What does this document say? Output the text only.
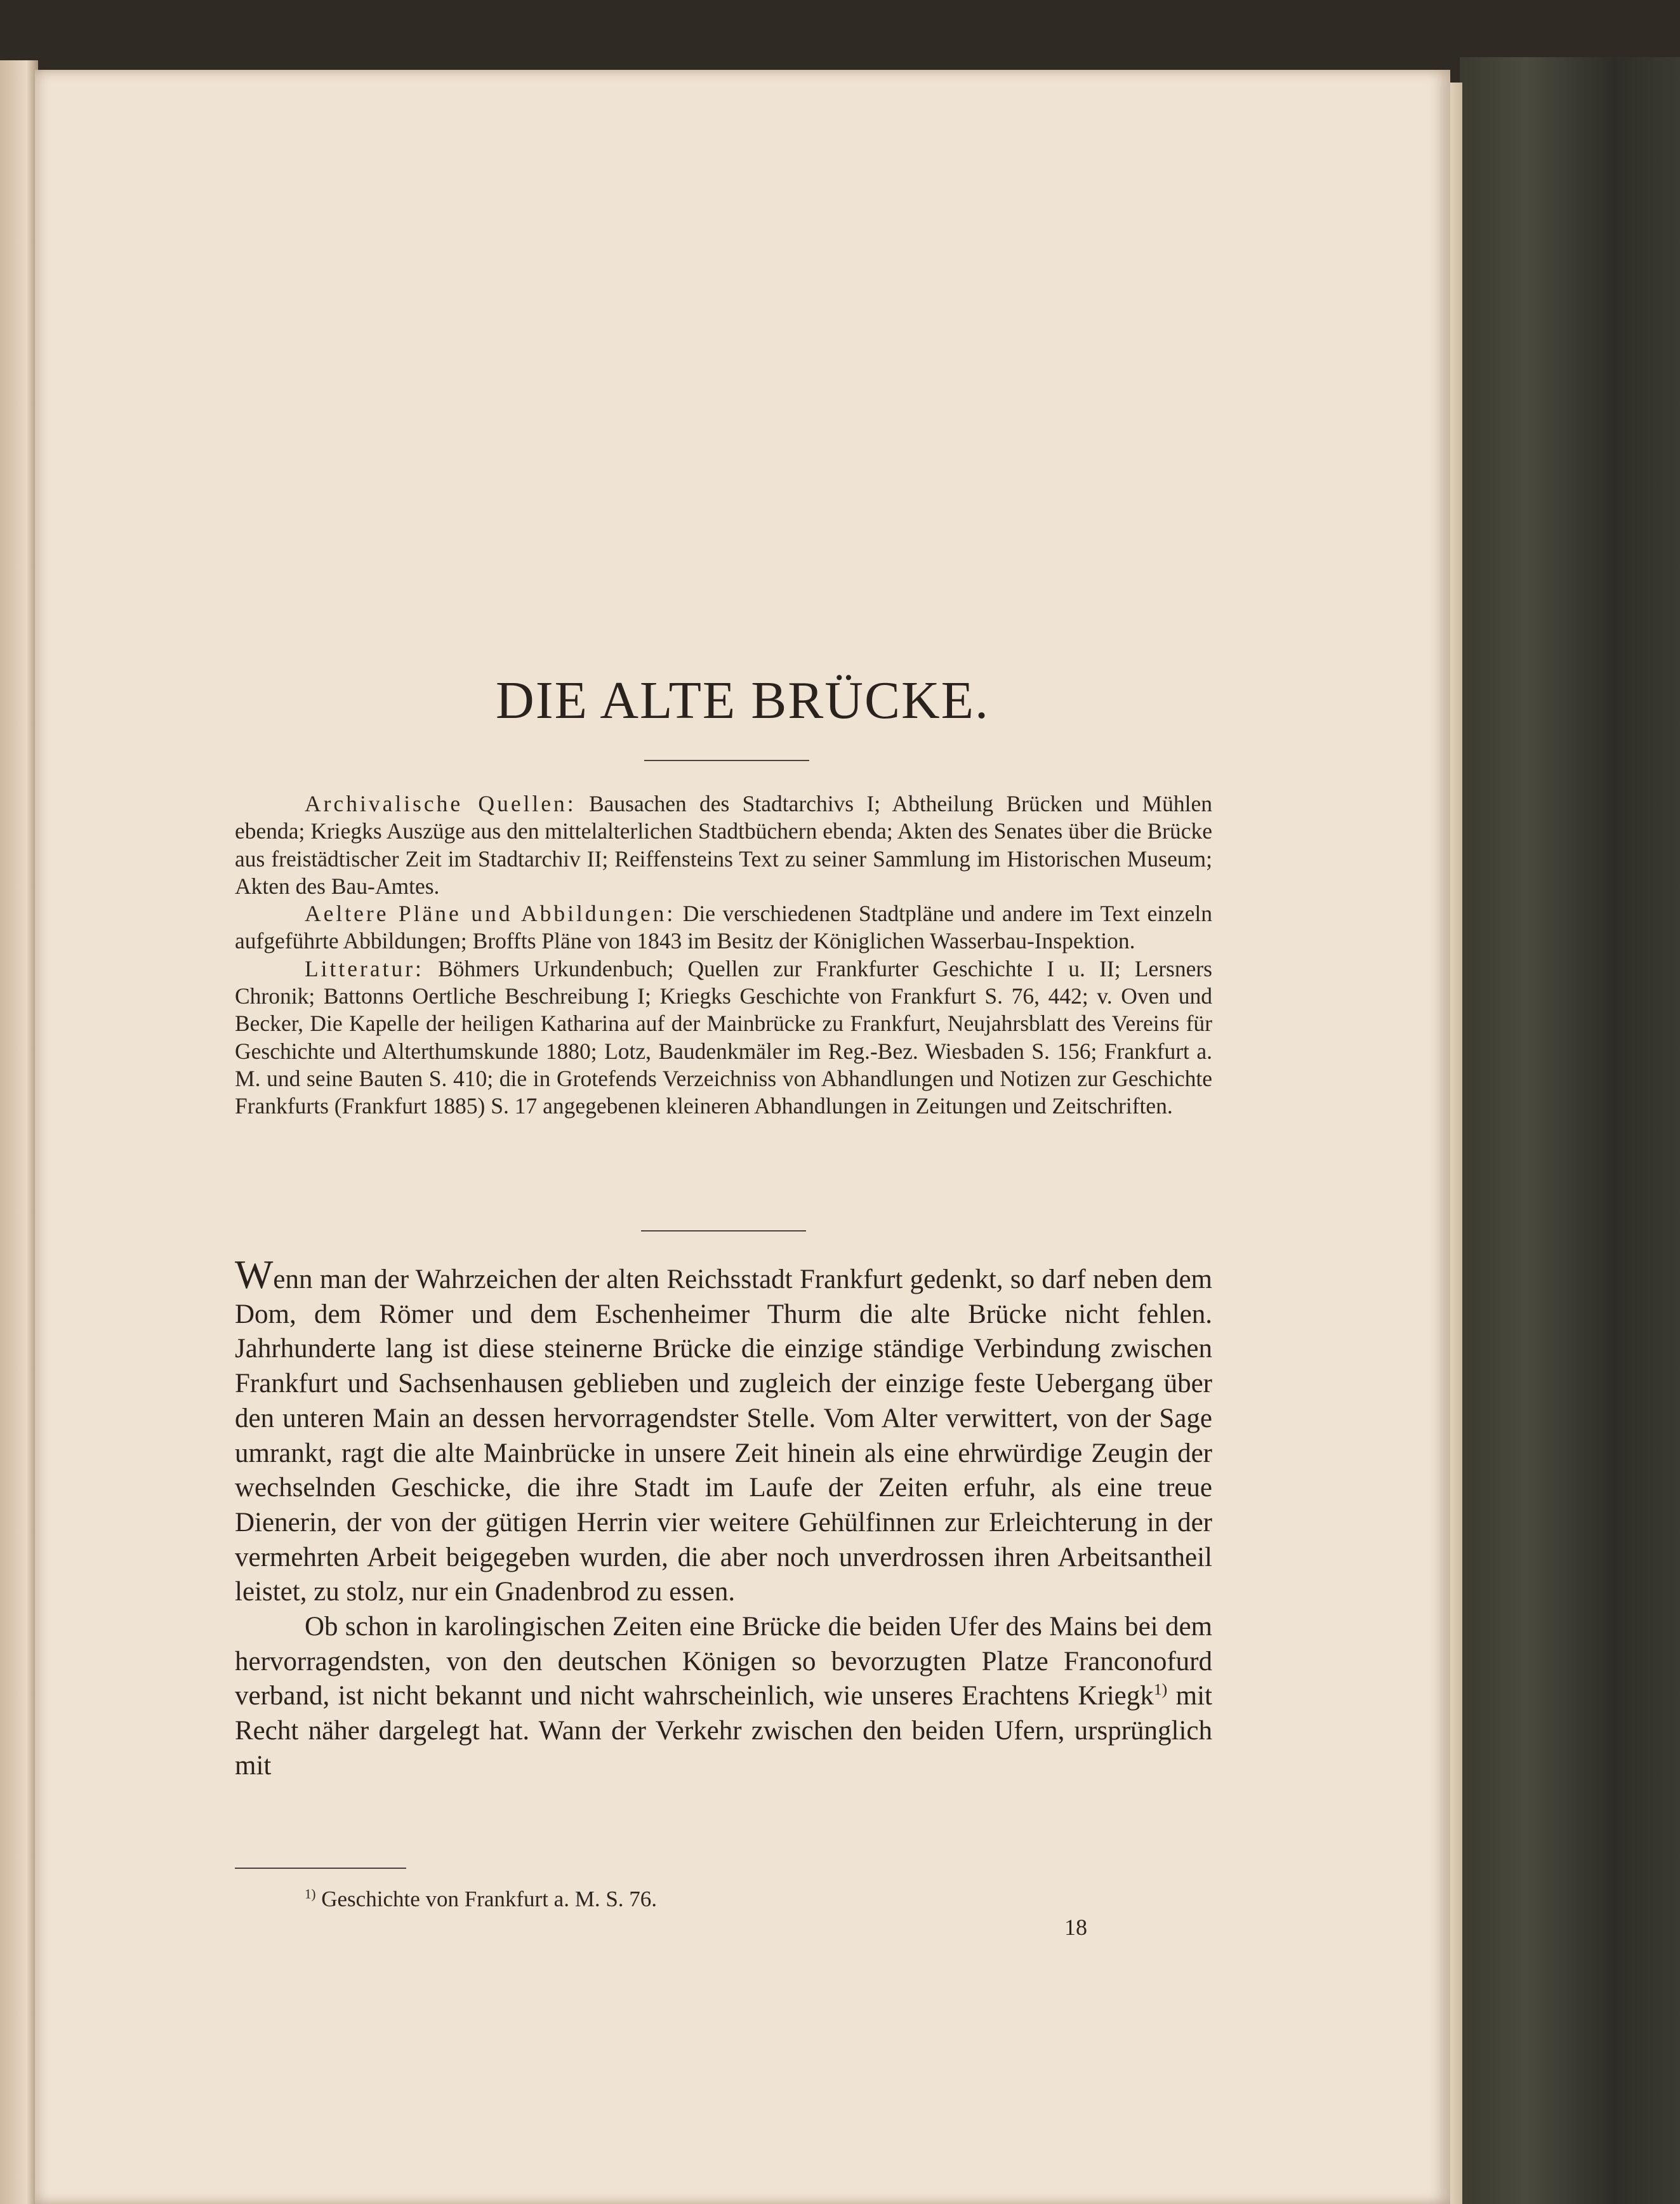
DIE ALTE BRÜCKE.

Archivalische Quellen: Bausachen des Stadtarchivs I; Abtheilung Brücken und Mühlen ebenda; Kriegks Auszüge aus den mittelalterlichen Stadtbüchern ebenda; Akten des Senates über die Brücke aus freistädtischer Zeit im Stadtarchiv II; Reiffensteins Text zu seiner Sammlung im Historischen Museum; Akten des Bau-Amtes.

Aeltere Pläne und Abbildungen: Die verschiedenen Stadtpläne und andere im Text einzeln aufgeführte Abbildungen; Broffts Pläne von 1843 im Besitz der Königlichen Wasserbau-Inspektion.

Litteratur: Böhmers Urkundenbuch; Quellen zur Frankfurter Geschichte I u. II; Lersners Chronik; Battonns Oertliche Beschreibung I; Kriegks Geschichte von Frankfurt S. 76, 442; v. Oven und Becker, Die Kapelle der heiligen Katharina auf der Mainbrücke zu Frankfurt, Neujahrsblatt des Vereins für Geschichte und Alterthumskunde 1880; Lotz, Baudenkmäler im Reg.-Bez. Wiesbaden S. 156; Frankfurt a. M. und seine Bauten S. 410; die in Grotefends Verzeichniss von Abhandlungen und Notizen zur Geschichte Frankfurts (Frankfurt 1885) S. 17 angegebenen kleineren Abhandlungen in Zeitungen und Zeitschriften.

Wenn man der Wahrzeichen der alten Reichsstadt Frankfurt gedenkt, so darf neben dem Dom, dem Römer und dem Eschenheimer Thurm die alte Brücke nicht fehlen. Jahrhunderte lang ist diese steinerne Brücke die einzige ständige Verbindung zwischen Frankfurt und Sachsenhausen geblieben und zugleich der einzige feste Uebergang über den unteren Main an dessen hervorragendster Stelle. Vom Alter verwittert, von der Sage umrankt, ragt die alte Mainbrücke in unsere Zeit hinein als eine ehrwürdige Zeugin der wechselnden Geschicke, die ihre Stadt im Laufe der Zeiten erfuhr, als eine treue Dienerin, der von der gütigen Herrin vier weitere Gehülfinnen zur Erleichterung in der vermehrten Arbeit beigegeben wurden, die aber noch unverdrossen ihren Arbeitsantheil leistet, zu stolz, nur ein Gnadenbrod zu essen.

Ob schon in karolingischen Zeiten eine Brücke die beiden Ufer des Mains bei dem hervorragendsten, von den deutschen Königen so bevorzugten Platze Franconofurd verband, ist nicht bekannt und nicht wahrscheinlich, wie unseres Erachtens Kriegk$^{1)}$ mit Recht näher dargelegt hat. Wann der Verkehr zwischen den beiden Ufern, ursprünglich mit

$^{1)}$ Geschichte von Frankfurt a. M. S. 76.
18
